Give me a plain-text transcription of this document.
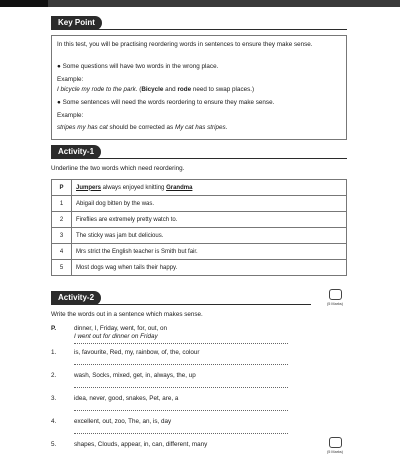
Key Point
In this test, you will be practising reordering words in sentences to ensure they make sense.
● Some questions will have two words in the wrong place.
Example:
I bicycle my rode to the park. (Bicycle and rode need to swap places.)
● Some sentences will need the words reordering to ensure they make sense.
Example:
stripes my has cat should be corrected as My cat has stripes.
Activity-1
Underline the two words which need reordering.
P	Jumpers always enjoyed knitting Grandma
1	Abigail dog bitten by the was.
2	Fireflies are extremely pretty watch to.
3	The sticky was jam but delicious.
4	Mrs strict the English teacher is Smith but fair.
5	Most dogs wag when tails their happy.
Activity-2
(5 Marks)
Write the words out in a sentence which makes sense.
P.	dinner, I, Friday, went, for, out, on
I went out for dinner on Friday
1.	is, favourite, Red, my, rainbow, of, the, colour
2.	wash, Socks, mixed, get, in, always, the, up
3.	idea, never, good, snakes, Pet, are, a
4.	excellent, out, zoo, The, an, is, day
5.	shapes, Clouds, appear, in, can, different, many
(5 Marks)
